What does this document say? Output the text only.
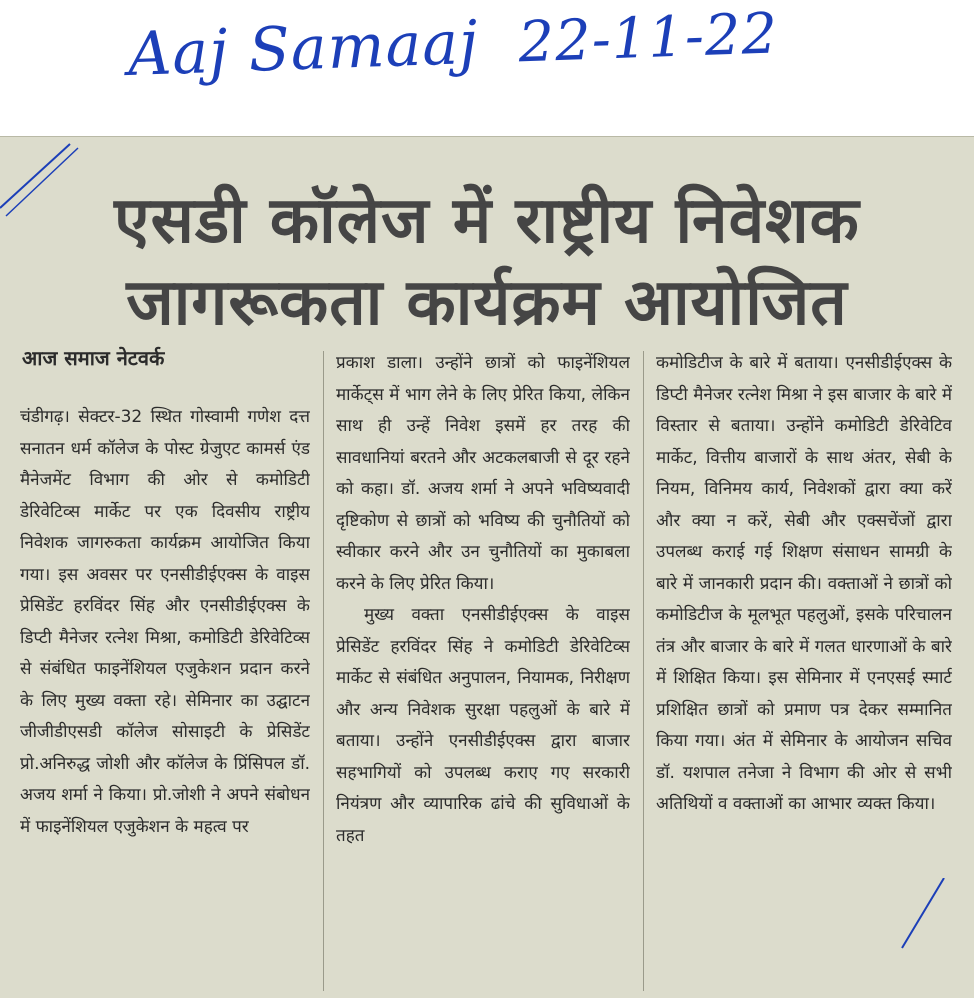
Aaj Samaaj 22-11-22
एसडी कॉलेज में राष्ट्रीय निवेशक
जागरूकता कार्यक्रम आयोजित
आज समाज नेटवर्क

चंडीगढ़। सेक्टर-32 स्थित गोस्वामी गणेश दत्त सनातन धर्म कॉलेज के पोस्ट ग्रेजुएट कामर्स एंड मैनेजमेंट विभाग की ओर से कमोडिटी डेरिवेटिव्स मार्केट पर एक दिवसीय राष्ट्रीय निवेशक जागरुकता कार्यक्रम आयोजित किया गया। इस अवसर पर एनसीडीईएक्स के वाइस प्रेसिडेंट हरविंदर सिंह और एनसीडीईएक्स के डिप्टी मैनेजर रत्नेश मिश्रा, कमोडिटी डेरिवेटिव्स से संबंधित फाइनेंशियल एजुकेशन प्रदान करने के लिए मुख्य वक्ता रहे। सेमिनार का उद्घाटन जीजीडीएसडी कॉलेज सोसाइटी के प्रेसिडेंट प्रो.अनिरुद्ध जोशी और कॉलेज के प्रिंसिपल डॉ. अजय शर्मा ने किया। प्रो.जोशी ने अपने संबोधन में फाइनेंशियल एजुकेशन के महत्व पर

प्रकाश डाला। उन्होंने छात्रों को फाइनेंशियल मार्केट्स में भाग लेने के लिए प्रेरित किया, लेकिन साथ ही उन्हें निवेश इसमें हर तरह की सावधानियां बरतने और अटकलबाजी से दूर रहने को कहा। डॉ. अजय शर्मा ने अपने भविष्यवादी दृष्टिकोण से छात्रों को भविष्य की चुनौतियों को स्वीकार करने और उन चुनौतियों का मुकाबला करने के लिए प्रेरित किया।

मुख्य वक्ता एनसीडीईएक्स के वाइस प्रेसिडेंट हरविंदर सिंह ने कमोडिटी डेरिवेटिव्स मार्केट से संबंधित अनुपालन, नियामक, निरीक्षण और अन्य निवेशक सुरक्षा पहलुओं के बारे में बताया। उन्होंने एनसीडीईएक्स द्वारा बाजार सहभागियों को उपलब्ध कराए गए सरकारी नियंत्रण और व्यापारिक ढांचे की सुविधाओं के तहत

कमोडिटीज के बारे में बताया। एनसीडीईएक्स के डिप्टी मैनेजर रत्नेश मिश्रा ने इस बाजार के बारे में विस्तार से बताया। उन्होंने कमोडिटी डेरिवेटिव मार्केट, वित्तीय बाजारों के साथ अंतर, सेबी के नियम, विनिमय कार्य, निवेशकों द्वारा क्या करें और क्या न करें, सेबी और एक्सचेंजों द्वारा उपलब्ध कराई गई शिक्षण संसाधन सामग्री के बारे में जानकारी प्रदान की। वक्ताओं ने छात्रों को कमोडिटीज के मूलभूत पहलुओं, इसके परिचालन तंत्र और बाजार के बारे में गलत धारणाओं के बारे में शिक्षित किया। इस सेमिनार में एनएसई स्मार्ट प्रशिक्षित छात्रों को प्रमाण पत्र देकर सम्मानित किया गया। अंत में सेमिनार के आयोजन सचिव डॉ. यशपाल तनेजा ने विभाग की ओर से सभी अतिथियों व वक्ताओं का आभार व्यक्त किया।
